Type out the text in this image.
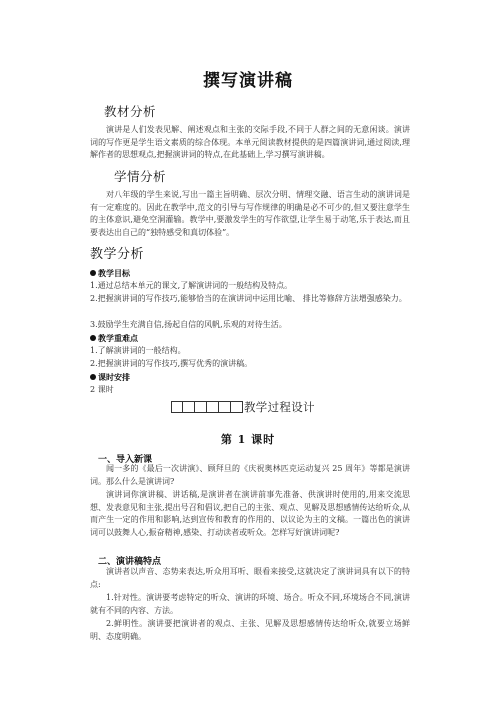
撰写演讲稿
教材分析

演讲是人们发表见解、阐述观点和主张的交际手段,不同于人群之间的无意闲谈。演讲词的写作更是学生语文素质的综合体现。本单元阅读教材提供的是四篇演讲词,通过阅读,理解作者的思想观点,把握演讲词的特点,在此基础上,学习撰写演讲稿。

学情分析

对八年级的学生来说,写出一篇主旨明确、层次分明、情理交融、语言生动的演讲词是有一定难度的。因此在教学中,范文的引导与写作规律的明确是必不可少的,但又要注意学生的主体意识,避免空洞灌输。教学中,要激发学生的写作欲望,让学生易于动笔,乐于表达,而且要表达出自己的“独特感受和真切体验”。

教学分析
教学目标

1.通过总结本单元的课文,了解演讲词的一般结构及特点。

2.把握演讲词的写作技巧,能够恰当的在演讲词中运用比喻、 排比等修辞方法增强感染力。

3.鼓励学生充满自信,扬起自信的风帆,乐观的对待生活。

教学重难点

1.了解演讲词的一般结构。

2.把握演讲词的写作技巧,撰写优秀的演讲稿。

课时安排

2 课时

教学过程设计
第 1 课时
一、导入新课

闻一多的《最后一次讲演》、顾拜旦的《庆祝奥林匹克运动复兴 25 周年》等都是演讲词。那么什么是演讲词?

演讲词你演讲稿、讲话稿,是演讲者在演讲前事先准备、供演讲时使用的,用来交流思想、发表意见和主张,提出号召和倡议,把自己的主张、观点、见解及思想感情传达给听众,从而产生一定的作用和影响,达到宣传和教育的作用的、以议论为主的文稿。一篇出色的演讲词可以鼓舞人心,振奋精神,感染、打动读者或听众。怎样写好演讲词呢?

二、演讲稿特点

演讲者以声音、态势来表达,听众用耳听、眼看来接受,这就决定了演讲词具有以下的特点:

1.针对性。演讲要考虑特定的听众、演讲的环境、场合。听众不同,环境场合不同,演讲就有不同的内容、方法。

2.鲜明性。演讲要把演讲者的观点、主张、见解及思想感情传达给听众,就要立场鲜明、态度明确。
